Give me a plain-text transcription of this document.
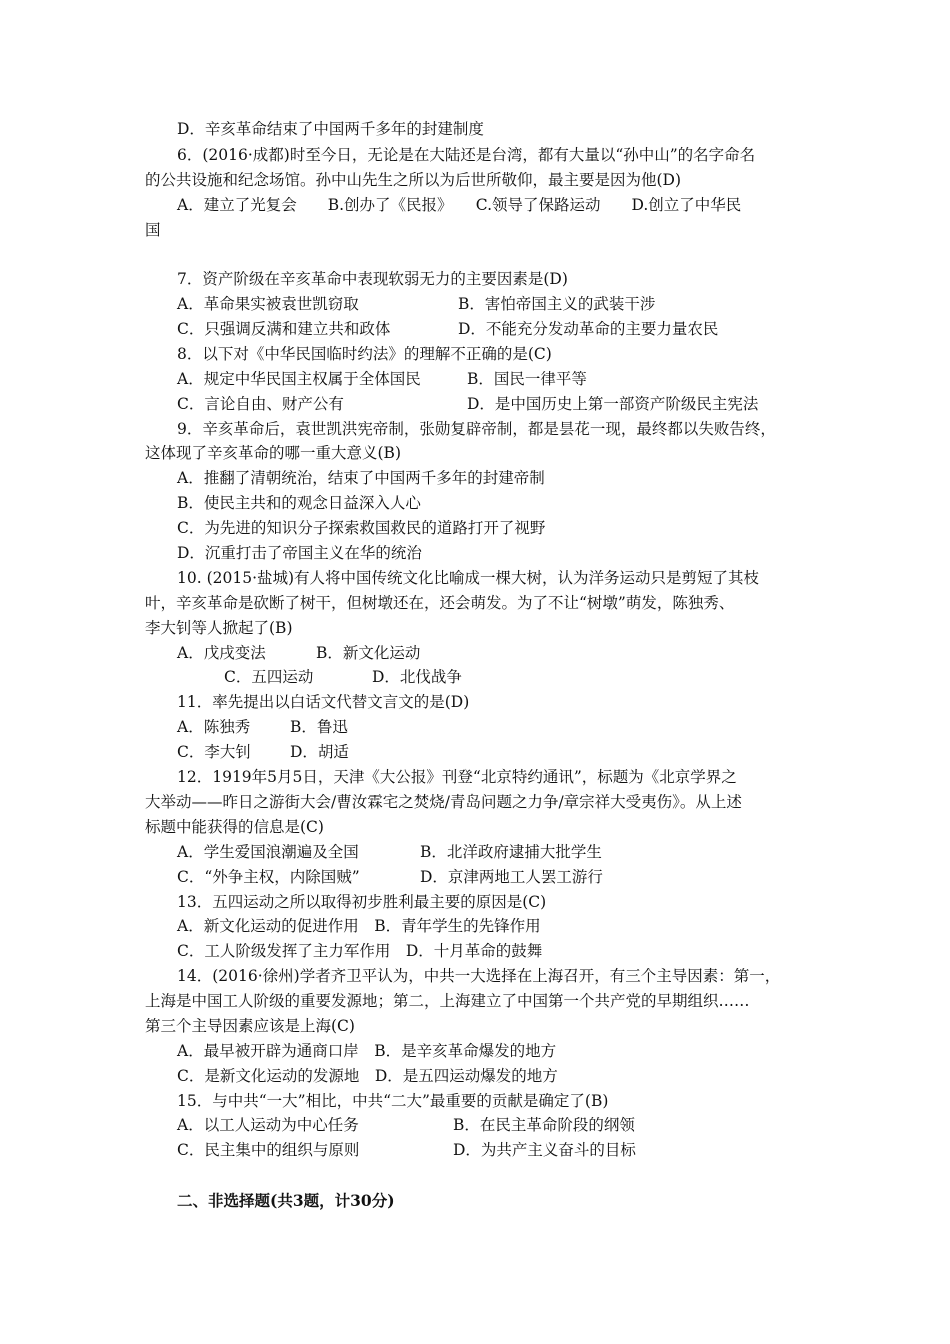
D．辛亥革命结束了中国两千多年的封建制度
6．(2016·成都)时至今日，无论是在大陆还是台湾，都有大量以“孙中山”的名字命名
的公共设施和纪念场馆。孙中山先生之所以为后世所敬仰，最主要是因为他(D)
A．建立了光复会　　B.创办了《民报》　　C.领导了保路运动　　D.创立了中华民
国
7．资产阶级在辛亥革命中表现软弱无力的主要因素是(D)
A．革命果实被袁世凯窃取	B．害怕帝国主义的武装干涉
C．只强调反满和建立共和政体	D．不能充分发动革命的主要力量农民
8．以下对《中华民国临时约法》的理解不正确的是(C)
A．规定中华民国主权属于全体国民	B．国民一律平等
C．言论自由、财产公有	D．是中国历史上第一部资产阶级民主宪法
9．辛亥革命后，袁世凯洪宪帝制，张勋复辟帝制，都是昙花一现，最终都以失败告终，
这体现了辛亥革命的哪一重大意义(B)
A．推翻了清朝统治，结束了中国两千多年的封建帝制
B．使民主共和的观念日益深入人心
C．为先进的知识分子探索救国救民的道路打开了视野
D．沉重打击了帝国主义在华的统治
10. (2015·盐城)有人将中国传统文化比喻成一棵大树，认为洋务运动只是剪短了其枝
叶，辛亥革命是砍断了树干，但树墩还在，还会萌发。为了不让“树墩”萌发，陈独秀、
李大钊等人掀起了(B)
A．戊戌变法	B．新文化运动
C．五四运动	D．北伐战争
11．率先提出以白话文代替文言文的是(D)
A．陈独秀	B．鲁迅
C．李大钊	D．胡适
12．1919年5月5日，天津《大公报》刊登“北京特约通讯”，标题为《北京学界之
大举动——昨日之游街大会/曹汝霖宅之焚烧/青岛问题之力争/章宗祥大受夷伤》。从上述
标题中能获得的信息是(C)
A．学生爱国浪潮遍及全国	B．北洋政府逮捕大批学生
C．“外争主权，内除国贼”	D．京津两地工人罢工游行
13．五四运动之所以取得初步胜利最主要的原因是(C)
A．新文化运动的促进作用　B．青年学生的先锋作用
C．工人阶级发挥了主力军作用　D．十月革命的鼓舞
14．(2016·徐州)学者齐卫平认为，中共一大选择在上海召开，有三个主导因素：第一，
上海是中国工人阶级的重要发源地；第二，上海建立了中国第一个共产党的早期组织……
第三个主导因素应该是上海(C)
A．最早被开辟为通商口岸　B．是辛亥革命爆发的地方
C．是新文化运动的发源地　D．是五四运动爆发的地方
15．与中共“一大”相比，中共“二大”最重要的贡献是确定了(B)
A．以工人运动为中心任务	B．在民主革命阶段的纲领
C．民主集中的组织与原则	D．为共产主义奋斗的目标
二、非选择题(共3题，计30分)
